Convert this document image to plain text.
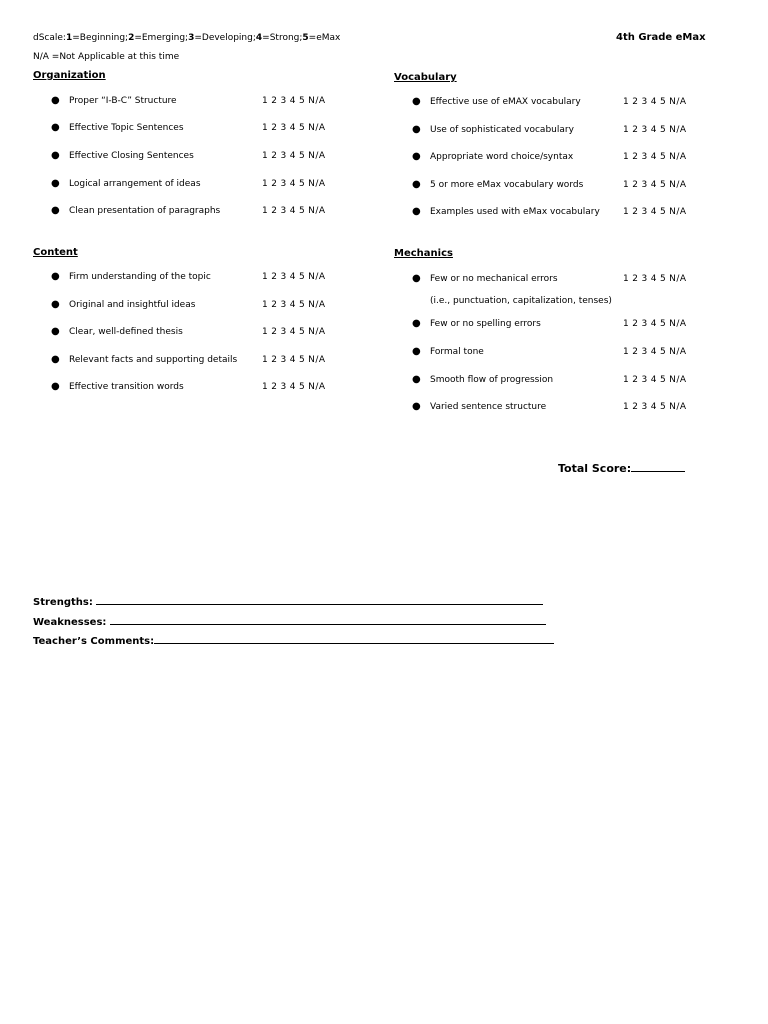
dScale:1=Beginning;2=Emerging;3=Developing;4=Strong;5=eMax
N/A =Not Applicable at this time
4th Grade eMax
Organization
Content
Vocabulary
Mechanics
● Proper “I-B-C” Structure	1 2 3 4 5 N/A
● Effective Topic Sentences	1 2 3 4 5 N/A
● Effective Closing Sentences	1 2 3 4 5 N/A
● Logical arrangement of ideas	1 2 3 4 5 N/A
● Clean presentation of paragraphs	1 2 3 4 5 N/A
● Firm understanding of the topic	1 2 3 4 5 N/A
● Original and insightful ideas	1 2 3 4 5 N/A
● Clear, well-defined thesis	1 2 3 4 5 N/A
● Relevant facts and supporting details	1 2 3 4 5 N/A
● Effective transition words	1 2 3 4 5 N/A
● Effective use of eMAX vocabulary	1 2 3 4 5 N/A
● Use of sophisticated vocabulary	1 2 3 4 5 N/A
● Appropriate word choice/syntax	1 2 3 4 5 N/A
● 5 or more eMax vocabulary words	1 2 3 4 5 N/A
● Examples used with eMax vocabulary	1 2 3 4 5 N/A
● Few or no mechanical errors	1 2 3 4 5 N/A
(i.e., punctuation, capitalization, tenses)
● Few or no spelling errors	1 2 3 4 5 N/A
● Formal tone	1 2 3 4 5 N/A
● Smooth flow of progression	1 2 3 4 5 N/A
● Varied sentence structure	1 2 3 4 5 N/A
Total Score:
Strengths:
Weaknesses:
Teacher’s Comments:
